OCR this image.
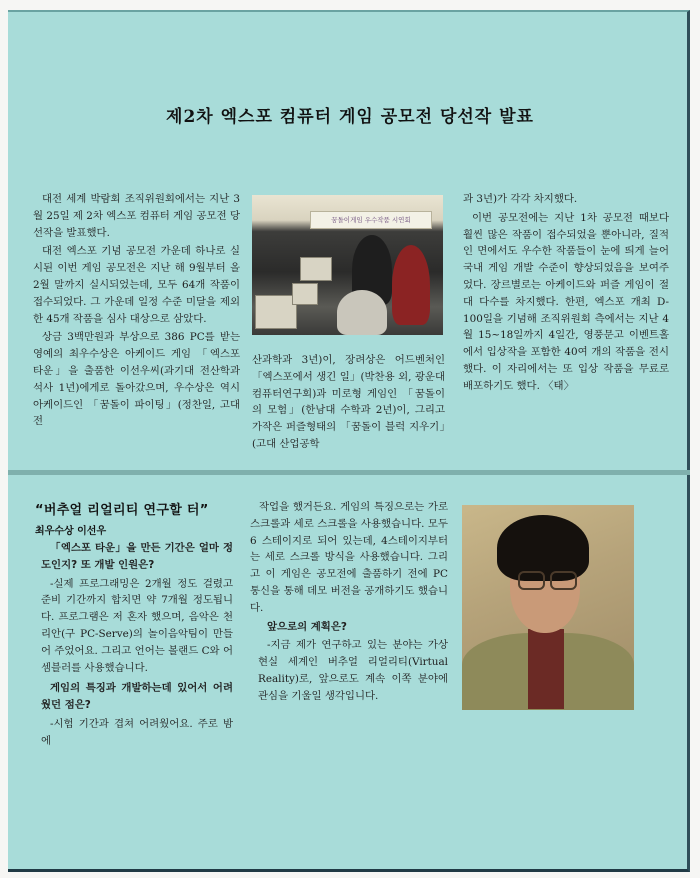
제2차 엑스포 컴퓨터 게임 공모전 당선작 발표

대전 세계 박람회 조직위원회에서는 지난 3월 25일 제 2차 엑스포 컴퓨터 게임 공모전 당선작을 발표했다.

대전 엑스포 기념 공모전 가운데 하나로 실시된 이번 게임 공모전은 지난 해 9월부터 올 2월 말까지 실시되었는데, 모두 64개 작품이 접수되었다. 그 가운데 일정 수준 미달을 제외한 45개 작품을 심사 대상으로 삼았다.

상금 3백만원과 부상으로 386 PC를 받는 영예의 최우수상은 아케이드 게임 「엑스포 타운」을 출품한 이선우씨(과기대 전산학과 석사 1년)에게로 돌아갔으며, 우수상은 역시 아케이드인 「꿈돌이 파이팅」(정찬일, 고대 전

꿈돌이게임 우수작품 시연회

산과학과 3년)이, 장려상은 어드벤처인 「엑스포에서 생긴 일」(박찬용 외, 광운대 컴퓨터연구회)과 미로형 게임인 「꿈돌이의 모험」(한남대 수학과 2년)이, 그리고 가작은 퍼즐형태의 「꿈돌이 블럭 지우기」(고대 산업공학

과 3년)가 각각 차지했다.

이번 공모전에는 지난 1차 공모전 때보다 훨씬 많은 작품이 접수되었을 뿐아니라, 질적인 면에서도 우수한 작품들이 눈에 띄게 늘어 국내 게임 개발 수준이 향상되었음을 보여주었다. 장르별로는 아케이드와 퍼즐 게임이 절대 다수를 차지했다. 한편, 엑스포 개최 D-100일을 기념해 조직위원회 측에서는 지난 4월 15~18일까지 4일간, 영풍문고 이벤트홀에서 입상작을 포함한 40여 개의 작품을 전시했다. 이 자리에서는 또 입상 작품을 무료로 배포하기도 했다. 〈태〉

“버추얼 리얼리티 연구할 터”
최우수상 이선우

「엑스포 타운」을 만든 기간은 얼마 정도인지? 또 개발 인원은?

-실제 프로그래밍은 2개월 정도 걸렸고 준비 기간까지 합치면 약 7개월 정도됩니다. 프로그램은 저 혼자 했으며, 음악은 천리안(구 PC-Serve)의 놀이음악팀이 만들어 주었어요. 그리고 언어는 볼랜드 C와 어셈블러를 사용했습니다.

게임의 특징과 개발하는데 있어서 어려웠던 점은?

-시험 기간과 겹쳐 어려웠어요. 주로 밤에

작업을 했거든요. 게임의 특징으로는 가로 스크롤과 세로 스크롤을 사용했습니다. 모두 6 스테이지로 되어 있는데, 4스테이지부터는 세로 스크롤 방식을 사용했습니다. 그리고 이 게임은 공모전에 출품하기 전에 PC 통신을 통해 데모 버전을 공개하기도 했습니다.

앞으로의 계획은?

-지금 제가 연구하고 있는 분야는 가상 현실 세계인 버추얼 리얼리티(Virtual Reality)로, 앞으로도 계속 이쪽 분야에 관심을 기울일 생각입니다.
